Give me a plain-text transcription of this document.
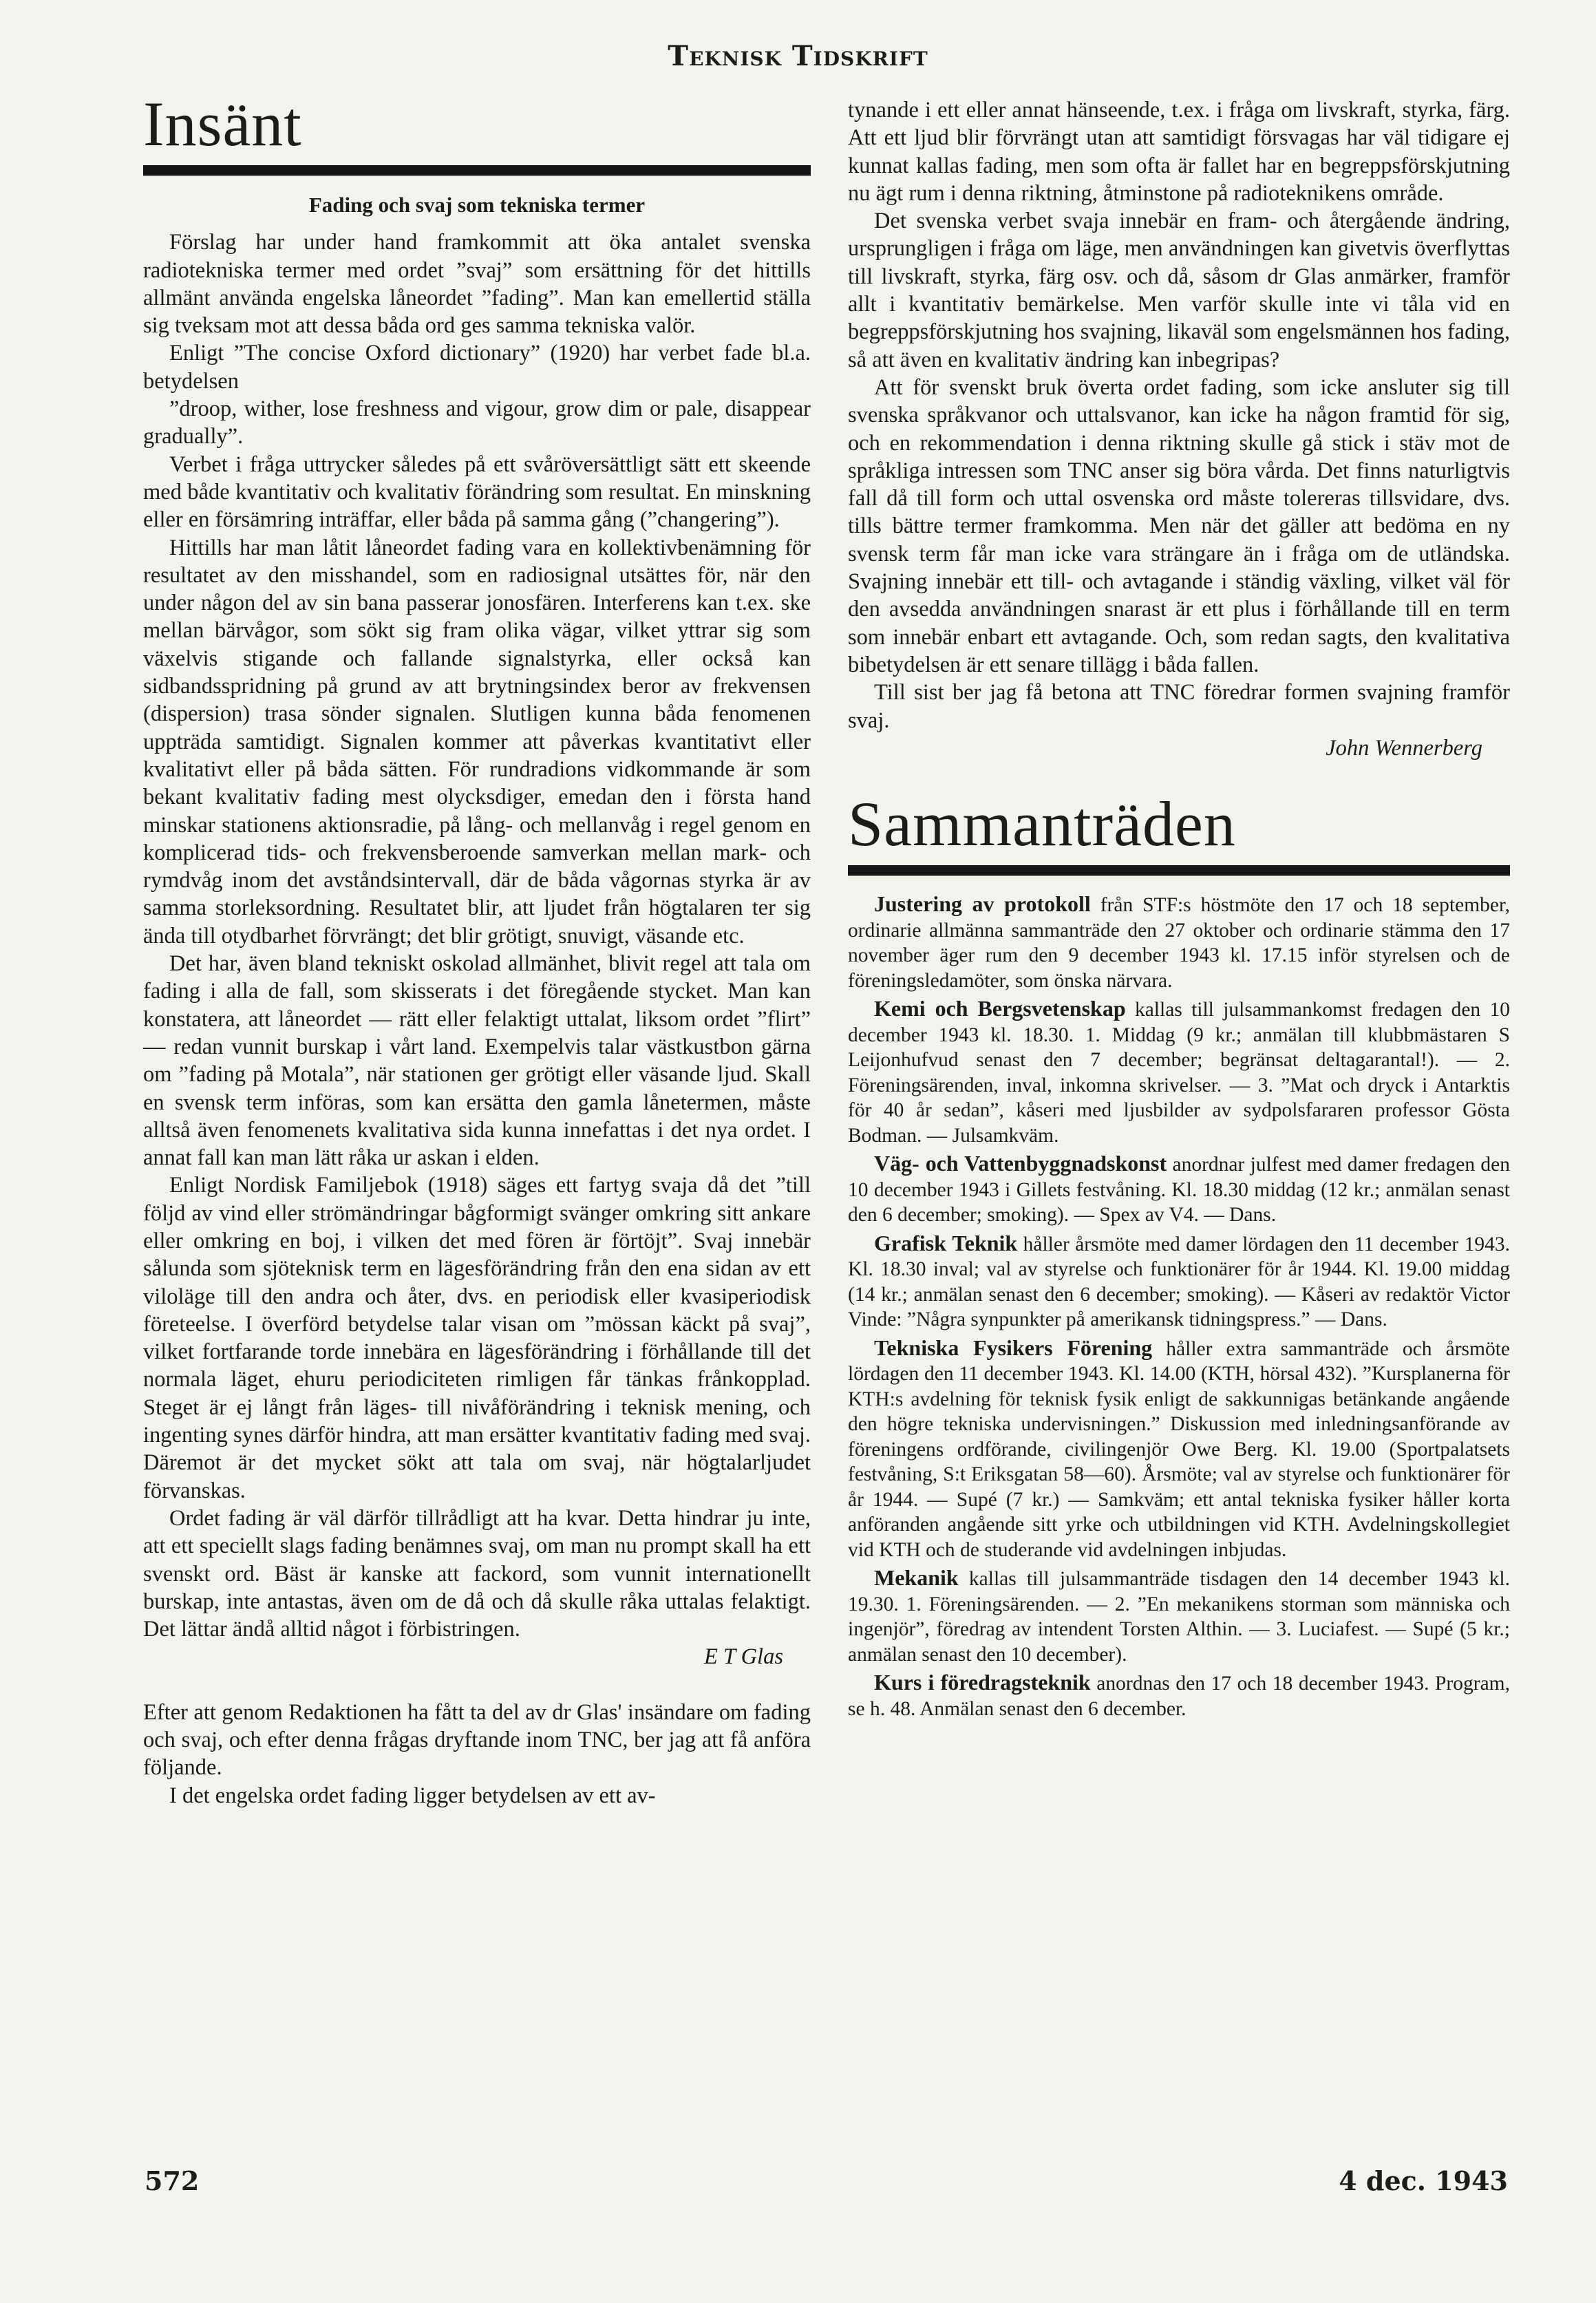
Teknisk Tidskrift
Insänt
Fading och svaj som tekniska termer

Förslag har under hand framkommit att öka antalet svenska radiotekniska termer med ordet ”svaj” som ersättning för det hittills allmänt använda engelska låneordet ”fading”. Man kan emellertid ställa sig tveksam mot att dessa båda ord ges samma tekniska valör.

Enligt ”The concise Oxford dictionary” (1920) har verbet fade bl.a. betydelsen

”droop, wither, lose freshness and vigour, grow dim or pale, disappear gradually”.

Verbet i fråga uttrycker således på ett svåröversättligt sätt ett skeende med både kvantitativ och kvalitativ förändring som resultat. En minskning eller en försämring inträffar, eller båda på samma gång (”changering”).

Hittills har man låtit låneordet fading vara en kollektivbenämning för resultatet av den misshandel, som en radiosignal utsättes för, när den under någon del av sin bana passerar jonosfären. Interferens kan t.ex. ske mellan bärvågor, som sökt sig fram olika vägar, vilket yttrar sig som växelvis stigande och fallande signalstyrka, eller också kan sidbandsspridning på grund av att brytningsindex beror av frekvensen (dispersion) trasa sönder signalen. Slutligen kunna båda fenomenen uppträda samtidigt. Signalen kommer att påverkas kvantitativt eller kvalitativt eller på båda sätten. För rundradions vidkommande är som bekant kvalitativ fading mest olycksdiger, emedan den i första hand minskar stationens aktionsradie, på lång- och mellanvåg i regel genom en komplicerad tids- och frekvensberoende samverkan mellan mark- och rymdvåg inom det avståndsintervall, där de båda vågornas styrka är av samma storleksordning. Resultatet blir, att ljudet från högtalaren ter sig ända till otydbarhet förvrängt; det blir grötigt, snuvigt, väsande etc.

Det har, även bland tekniskt oskolad allmänhet, blivit regel att tala om fading i alla de fall, som skisserats i det föregående stycket. Man kan konstatera, att låneordet — rätt eller felaktigt uttalat, liksom ordet ”flirt” — redan vunnit burskap i vårt land. Exempelvis talar västkustbon gärna om ”fading på Motala”, när stationen ger grötigt eller väsande ljud. Skall en svensk term införas, som kan ersätta den gamla lånetermen, måste alltså även fenomenets kvalitativa sida kunna innefattas i det nya ordet. I annat fall kan man lätt råka ur askan i elden.

Enligt Nordisk Familjebok (1918) säges ett fartyg svaja då det ”till följd av vind eller strömändringar bågformigt svänger omkring sitt ankare eller omkring en boj, i vilken det med fören är förtöjt”. Svaj innebär sålunda som sjöteknisk term en lägesförändring från den ena sidan av ett viloläge till den andra och åter, dvs. en periodisk eller kvasiperiodisk företeelse. I överförd betydelse talar visan om ”mössan käckt på svaj”, vilket fortfarande torde innebära en lägesförändring i förhållande till det normala läget, ehuru periodiciteten rimligen får tänkas frånkopplad. Steget är ej långt från läges- till nivåförändring i teknisk mening, och ingenting synes därför hindra, att man ersätter kvantitativ fading med svaj. Däremot är det mycket sökt att tala om svaj, när högtalarljudet förvanskas.

Ordet fading är väl därför tillrådligt att ha kvar. Detta hindrar ju inte, att ett speciellt slags fading benämnes svaj, om man nu prompt skall ha ett svenskt ord. Bäst är kanske att fackord, som vunnit internationellt burskap, inte antastas, även om de då och då skulle råka uttalas felaktigt. Det lättar ändå alltid något i förbistringen.

E T Glas

Efter att genom Redaktionen ha fått ta del av dr Glas' insändare om fading och svaj, och efter denna frågas dryftande inom TNC, ber jag att få anföra följande.

I det engelska ordet fading ligger betydelsen av ett av-

tynande i ett eller annat hänseende, t.ex. i fråga om livskraft, styrka, färg. Att ett ljud blir förvrängt utan att samtidigt försvagas har väl tidigare ej kunnat kallas fading, men som ofta är fallet har en begreppsförskjutning nu ägt rum i denna riktning, åtminstone på radioteknikens område.

Det svenska verbet svaja innebär en fram- och återgående ändring, ursprungligen i fråga om läge, men användningen kan givetvis överflyttas till livskraft, styrka, färg osv. och då, såsom dr Glas anmärker, framför allt i kvantitativ bemärkelse. Men varför skulle inte vi tåla vid en begreppsförskjutning hos svajning, likaväl som engelsmännen hos fading, så att även en kvalitativ ändring kan inbegripas?

Att för svenskt bruk överta ordet fading, som icke ansluter sig till svenska språkvanor och uttalsvanor, kan icke ha någon framtid för sig, och en rekommendation i denna riktning skulle gå stick i stäv mot de språkliga intressen som TNC anser sig böra vårda. Det finns naturligtvis fall då till form och uttal osvenska ord måste tolereras tillsvidare, dvs. tills bättre termer framkomma. Men när det gäller att bedöma en ny svensk term får man icke vara strängare än i fråga om de utländska. Svajning innebär ett till- och avtagande i ständig växling, vilket väl för den avsedda användningen snarast är ett plus i förhållande till en term som innebär enbart ett avtagande. Och, som redan sagts, den kvalitativa bibetydelsen är ett senare tillägg i båda fallen.

Till sist ber jag få betona att TNC föredrar formen svajning framför svaj.

John Wennerberg
Sammanträden

Justering av protokoll från STF:s höstmöte den 17 och 18 september, ordinarie allmänna sammanträde den 27 oktober och ordinarie stämma den 17 november äger rum den 9 december 1943 kl. 17.15 inför styrelsen och de föreningsledamöter, som önska närvara.

Kemi och Bergsvetenskap kallas till julsammankomst fredagen den 10 december 1943 kl. 18.30. 1. Middag (9 kr.; anmälan till klubbmästaren S Leijonhufvud senast den 7 december; begränsat deltagarantal!). — 2. Föreningsärenden, inval, inkomna skrivelser. — 3. ”Mat och dryck i Antarktis för 40 år sedan”, kåseri med ljusbilder av sydpolsfararen professor Gösta Bodman. — Julsamkväm.

Väg- och Vattenbyggnadskonst anordnar julfest med damer fredagen den 10 december 1943 i Gillets festvåning. Kl. 18.30 middag (12 kr.; anmälan senast den 6 december; smoking). — Spex av V4. — Dans.

Grafisk Teknik håller årsmöte med damer lördagen den 11 december 1943. Kl. 18.30 inval; val av styrelse och funktionärer för år 1944. Kl. 19.00 middag (14 kr.; anmälan senast den 6 december; smoking). — Kåseri av redaktör Victor Vinde: ”Några synpunkter på amerikansk tidningspress.” — Dans.

Tekniska Fysikers Förening håller extra sammanträde och årsmöte lördagen den 11 december 1943. Kl. 14.00 (KTH, hörsal 432). ”Kursplanerna för KTH:s avdelning för teknisk fysik enligt de sakkunnigas betänkande angående den högre tekniska undervisningen.” Diskussion med inledningsanförande av föreningens ordförande, civilingenjör Owe Berg. Kl. 19.00 (Sportpalatsets festvåning, S:t Eriksgatan 58—60). Årsmöte; val av styrelse och funktionärer för år 1944. — Supé (7 kr.) — Samkväm; ett antal tekniska fysiker håller korta anföranden angående sitt yrke och utbildningen vid KTH. Avdelningskollegiet vid KTH och de studerande vid avdelningen inbjudas.

Mekanik kallas till julsammanträde tisdagen den 14 december 1943 kl. 19.30. 1. Föreningsärenden. — 2. ”En mekanikens storman som människa och ingenjör”, föredrag av intendent Torsten Althin. — 3. Luciafest. — Supé (5 kr.; anmälan senast den 10 december).

Kurs i föredragsteknik anordnas den 17 och 18 december 1943. Program, se h. 48. Anmälan senast den 6 december.

572	4 dec. 1943
